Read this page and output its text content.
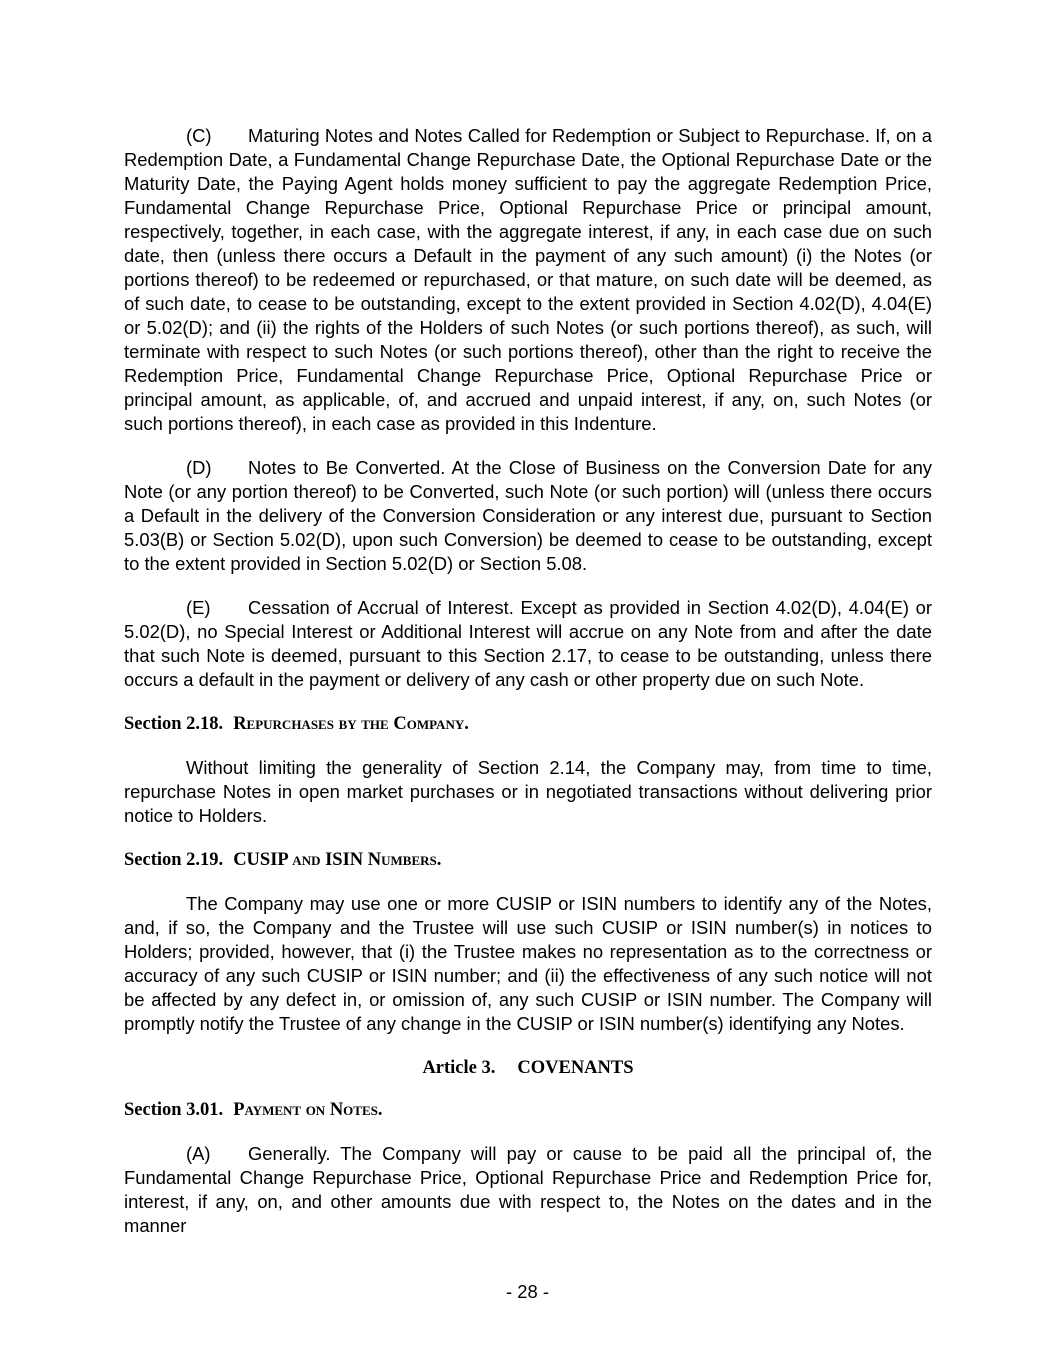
(C) Maturing Notes and Notes Called for Redemption or Subject to Repurchase. If, on a Redemption Date, a Fundamental Change Repurchase Date, the Optional Repurchase Date or the Maturity Date, the Paying Agent holds money sufficient to pay the aggregate Redemption Price, Fundamental Change Repurchase Price, Optional Repurchase Price or principal amount, respectively, together, in each case, with the aggregate interest, if any, in each case due on such date, then (unless there occurs a Default in the payment of any such amount) (i) the Notes (or portions thereof) to be redeemed or repurchased, or that mature, on such date will be deemed, as of such date, to cease to be outstanding, except to the extent provided in Section 4.02(D), 4.04(E) or 5.02(D); and (ii) the rights of the Holders of such Notes (or such portions thereof), as such, will terminate with respect to such Notes (or such portions thereof), other than the right to receive the Redemption Price, Fundamental Change Repurchase Price, Optional Repurchase Price or principal amount, as applicable, of, and accrued and unpaid interest, if any, on, such Notes (or such portions thereof), in each case as provided in this Indenture.

(D) Notes to Be Converted. At the Close of Business on the Conversion Date for any Note (or any portion thereof) to be Converted, such Note (or such portion) will (unless there occurs a Default in the delivery of the Conversion Consideration or any interest due, pursuant to Section 5.03(B) or Section 5.02(D), upon such Conversion) be deemed to cease to be outstanding, except to the extent provided in Section 5.02(D) or Section 5.08.

(E) Cessation of Accrual of Interest. Except as provided in Section 4.02(D), 4.04(E) or 5.02(D), no Special Interest or Additional Interest will accrue on any Note from and after the date that such Note is deemed, pursuant to this Section 2.17, to cease to be outstanding, unless there occurs a default in the payment or delivery of any cash or other property due on such Note.

Section 2.18. Repurchases by the Company.

Without limiting the generality of Section 2.14, the Company may, from time to time, repurchase Notes in open market purchases or in negotiated transactions without delivering prior notice to Holders.

Section 2.19. CUSIP and ISIN Numbers.

The Company may use one or more CUSIP or ISIN numbers to identify any of the Notes, and, if so, the Company and the Trustee will use such CUSIP or ISIN number(s) in notices to Holders; provided, however, that (i) the Trustee makes no representation as to the correctness or accuracy of any such CUSIP or ISIN number; and (ii) the effectiveness of any such notice will not be affected by any defect in, or omission of, any such CUSIP or ISIN number. The Company will promptly notify the Trustee of any change in the CUSIP or ISIN number(s) identifying any Notes.

Article 3. COVENANTS
Section 3.01. Payment on Notes.

(A) Generally. The Company will pay or cause to be paid all the principal of, the Fundamental Change Repurchase Price, Optional Repurchase Price and Redemption Price for, interest, if any, on, and other amounts due with respect to, the Notes on the dates and in the manner

- 28 -
